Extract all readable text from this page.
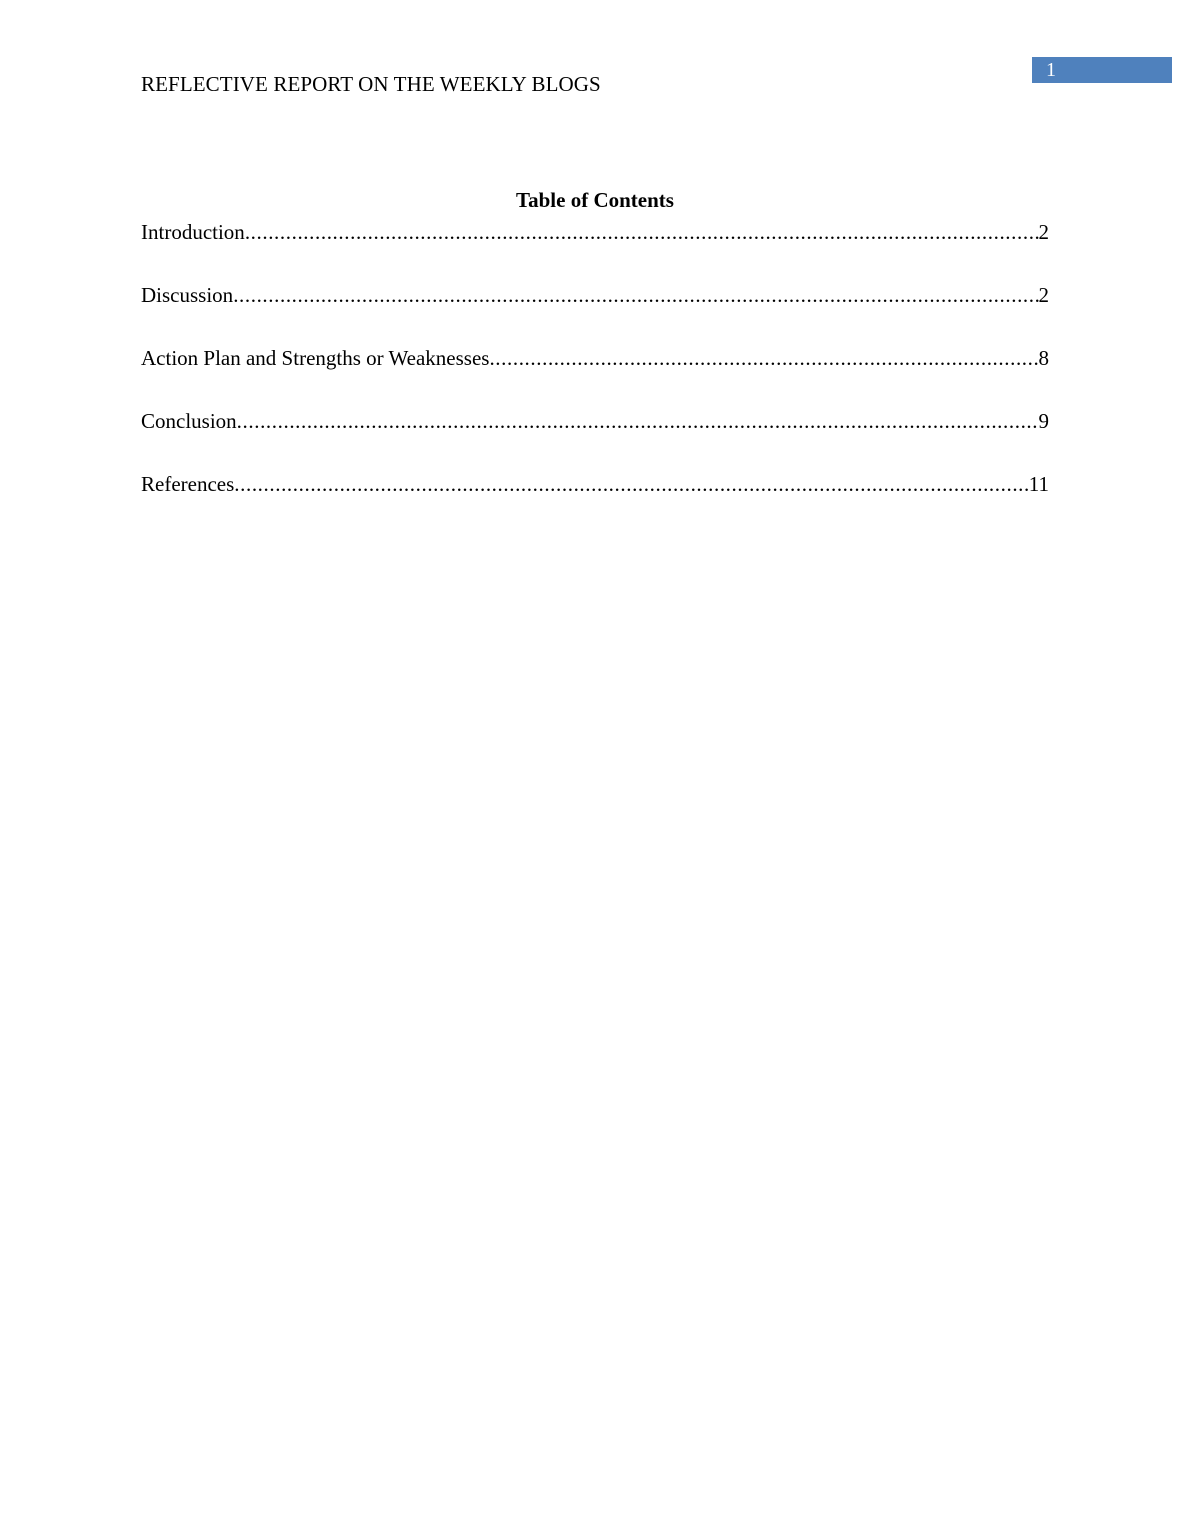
REFLECTIVE REPORT ON THE WEEKLY BLOGS
1
Table of Contents
Introduction .....	2
Discussion .....	2
Action Plan and Strengths or Weaknesses .....	8
Conclusion .....	9
References .....	11
